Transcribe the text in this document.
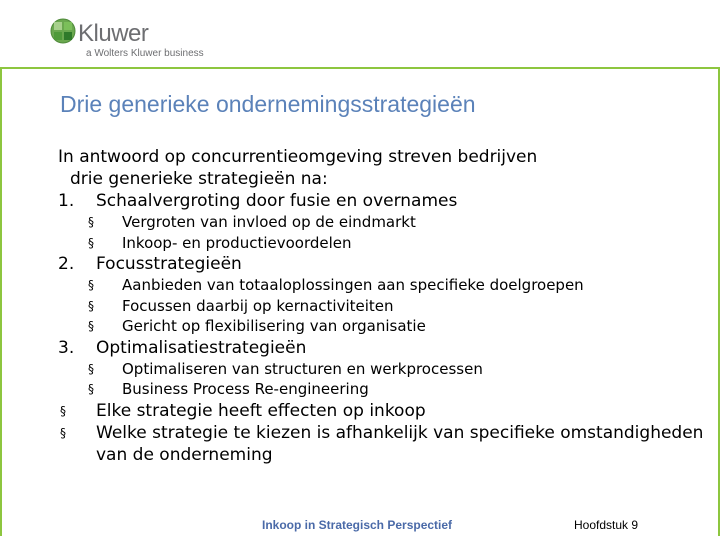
Kluwer
a Wolters Kluwer business
Drie generieke ondernemingsstrategieën

In antwoord op concurrentieomgeving streven bedrijven
drie generieke strategieën na:

1. Schaalvergroting door fusie en overnames
§ Vergroten van invloed op de eindmarkt
§ Inkoop- en productievoordelen
2. Focusstrategieën
§ Aanbieden van totaaloplossingen aan specifieke doelgroepen
§ Focussen daarbij op kernactiviteiten
§ Gericht op flexibilisering van organisatie
3. Optimalisatiestrategieën
§ Optimaliseren van structuren en werkprocessen
§ Business Process Re-engineering
§ Elke strategie heeft effecten op inkoop
§ Welke strategie te kiezen is afhankelijk van specifieke omstandigheden van de onderneming
Inkoop in Strategisch Perspectief	Hoofdstuk 9
